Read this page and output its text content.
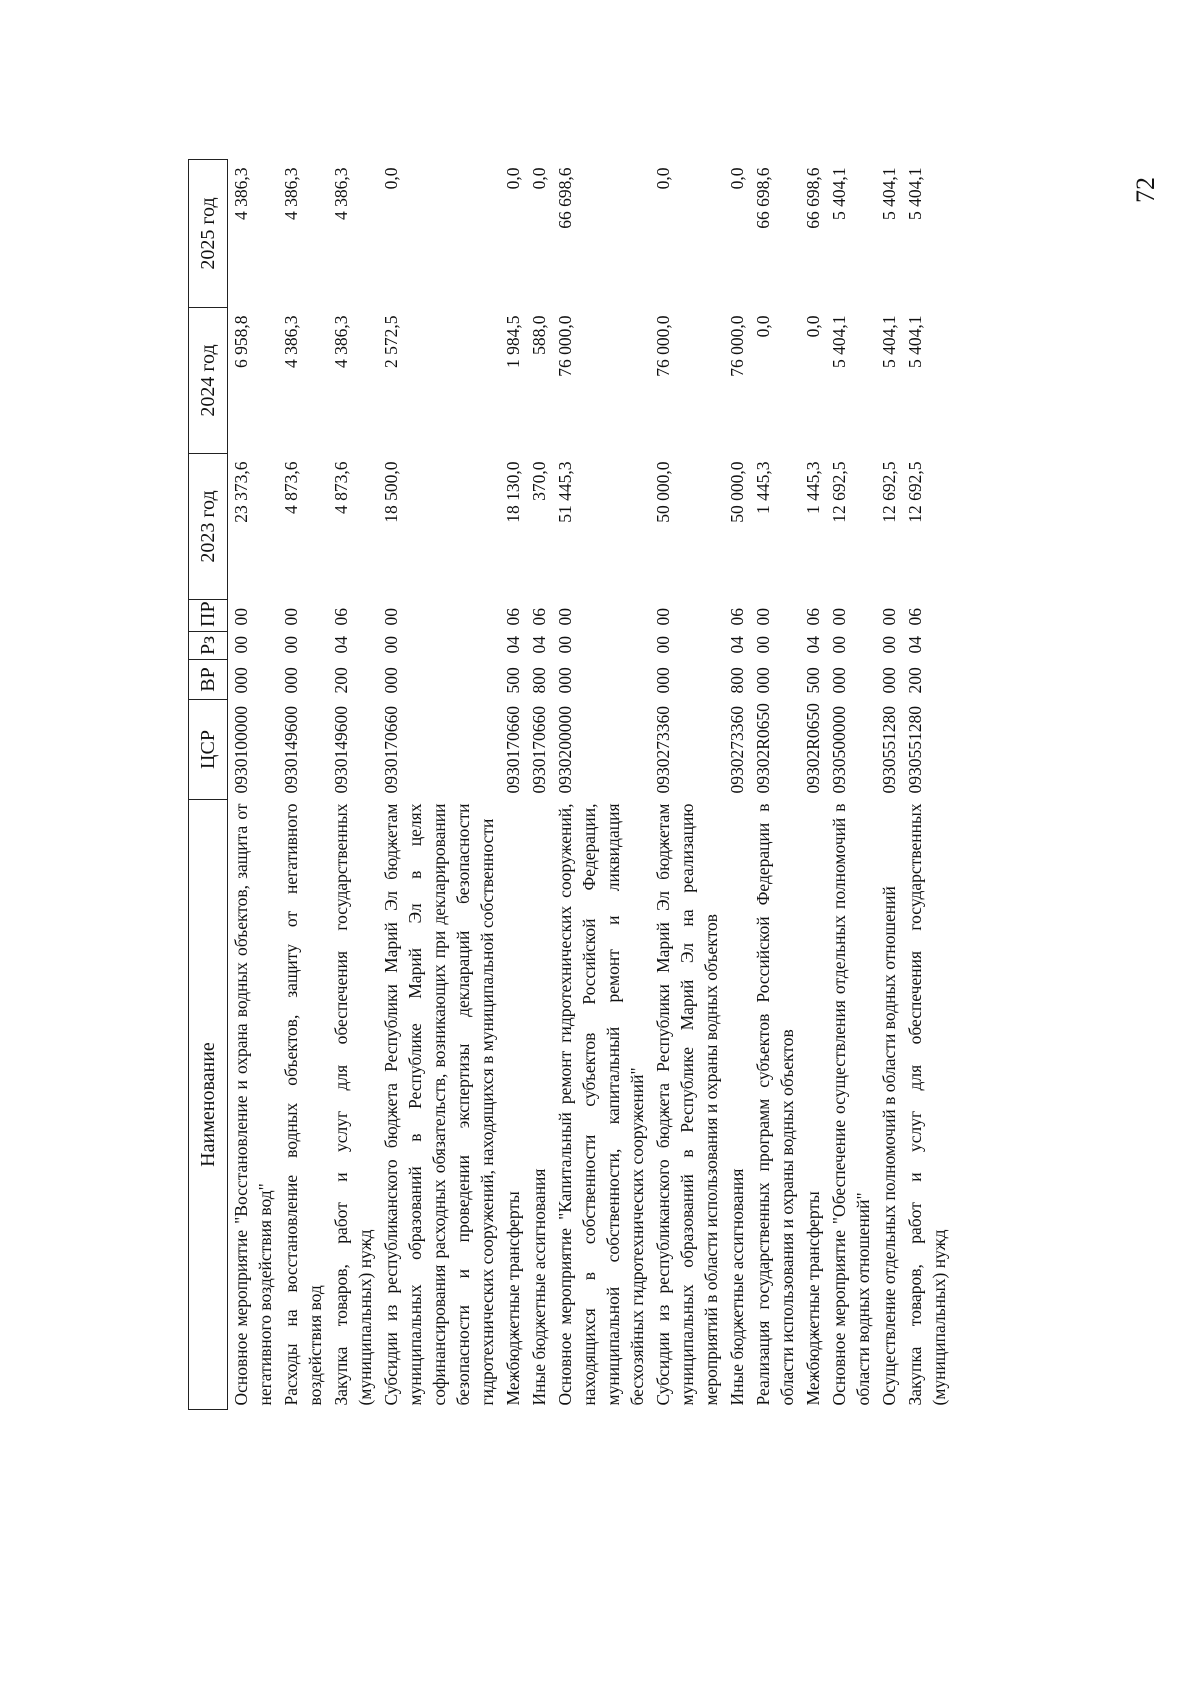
72
Наименование	ЦСР	ВР	Рз	ПР	2023 год	2024 год	2025 год
Основное мероприятие "Восстановление и охрана водных объектов, защита от негативного воздействия вод"	0930100000	000	00	00	23 373,6	6 958,8	4 386,3
Расходы на восстановление водных объектов, защиту от негативного воздействия вод	0930149600	000	00	00	4 873,6	4 386,3	4 386,3
Закупка товаров, работ и услуг для обеспечения государственных (муниципальных) нужд	0930149600	200	04	06	4 873,6	4 386,3	4 386,3
Субсидии из республиканского бюджета Республики Марий Эл бюджетам муниципальных образований в Республике Марий Эл в целях софинансирования расходных обязательств, возникающих при декларировании безопасности и проведении экспертизы деклараций безопасности гидротехнических сооружений, находящихся в муниципальной собственности	0930170660	000	00	00	18 500,0	2 572,5	0,0
Межбюджетные трансферты	0930170660	500	04	06	18 130,0	1 984,5	0,0
Иные бюджетные ассигнования	0930170660	800	04	06	370,0	588,0	0,0
Основное мероприятие "Капитальный ремонт гидротехнических сооружений, находящихся в собственности субъектов Российской Федерации, муниципальной собственности, капитальный ремонт и ликвидация бесхозяйных гидротехнических сооружений"	0930200000	000	00	00	51 445,3	76 000,0	66 698,6
Субсидии из республиканского бюджета Республики Марий Эл бюджетам муниципальных образований в Республике Марий Эл на реализацию мероприятий в области использования и охраны водных объектов	0930273360	000	00	00	50 000,0	76 000,0	0,0
Иные бюджетные ассигнования	0930273360	800	04	06	50 000,0	76 000,0	0,0
Реализация государственных программ субъектов Российской Федерации в области использования и охраны водных объектов	09302R0650	000	00	00	1 445,3	0,0	66 698,6
Межбюджетные трансферты	09302R0650	500	04	06	1 445,3	0,0	66 698,6
Основное мероприятие "Обеспечение осуществления отдельных полномочий в области водных отношений"	0930500000	000	00	00	12 692,5	5 404,1	5 404,1
Осуществление отдельных полномочий в области водных отношений	0930551280	000	00	00	12 692,5	5 404,1	5 404,1
Закупка товаров, работ и услуг для обеспечения государственных (муниципальных) нужд	0930551280	200	04	06	12 692,5	5 404,1	5 404,1
